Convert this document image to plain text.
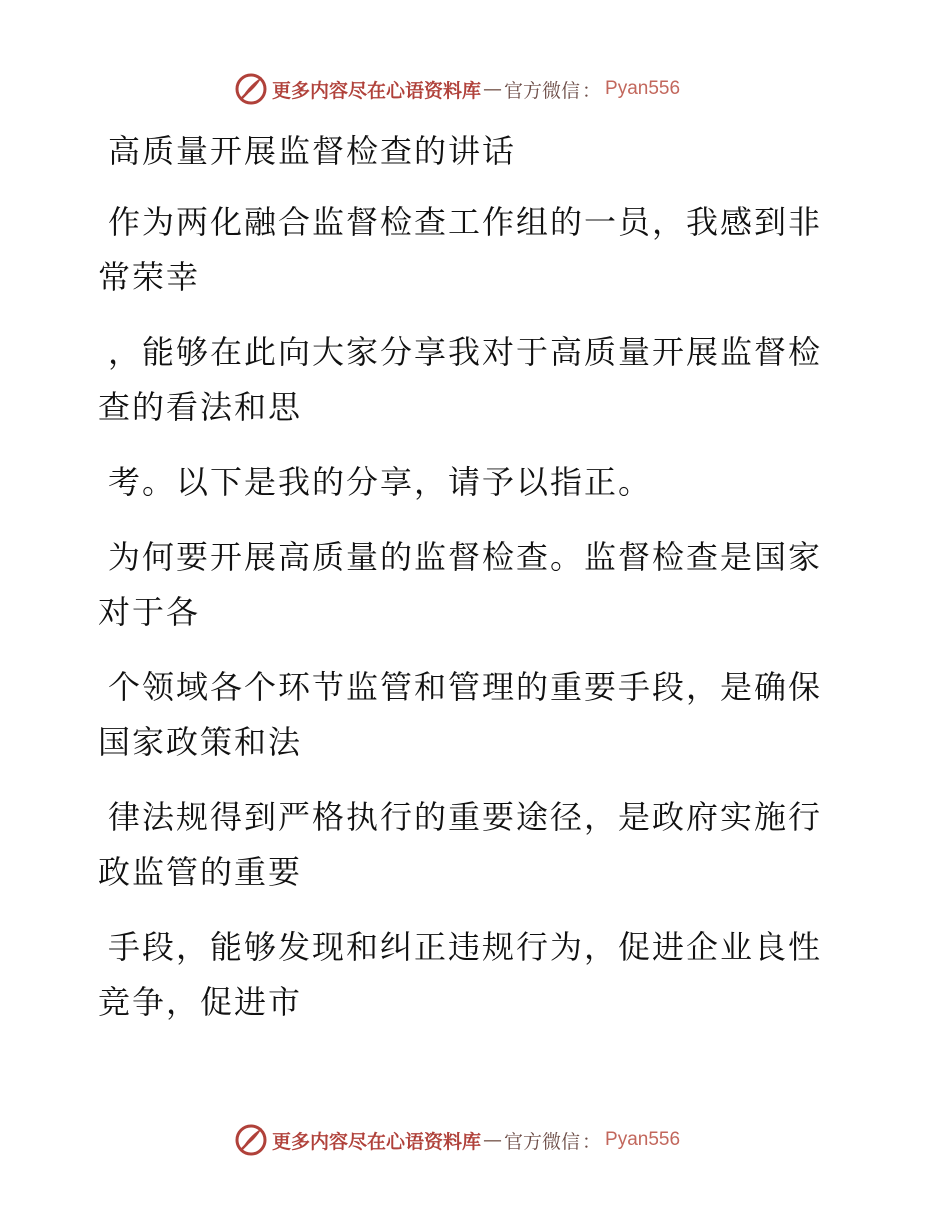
更多内容尽在心语资料库 — 官方微信 ： Pyan556

高质量开展监督检查的讲话

作为两化融合监督检查工作组的一员，我感到非常荣幸

，能够在此向大家分享我对于高质量开展监督检查的看法和思

考。以下是我的分享，请予以指正。

为何要开展高质量的监督检查。监督检查是国家对于各

个领域各个环节监管和管理的重要手段，是确保国家政策和法

律法规得到严格执行的重要途径，是政府实施行政监管的重要

手段，能够发现和纠正违规行为，促进企业良性竞争，促进市

更多内容尽在心语资料库 — 官方微信 ： Pyan556
